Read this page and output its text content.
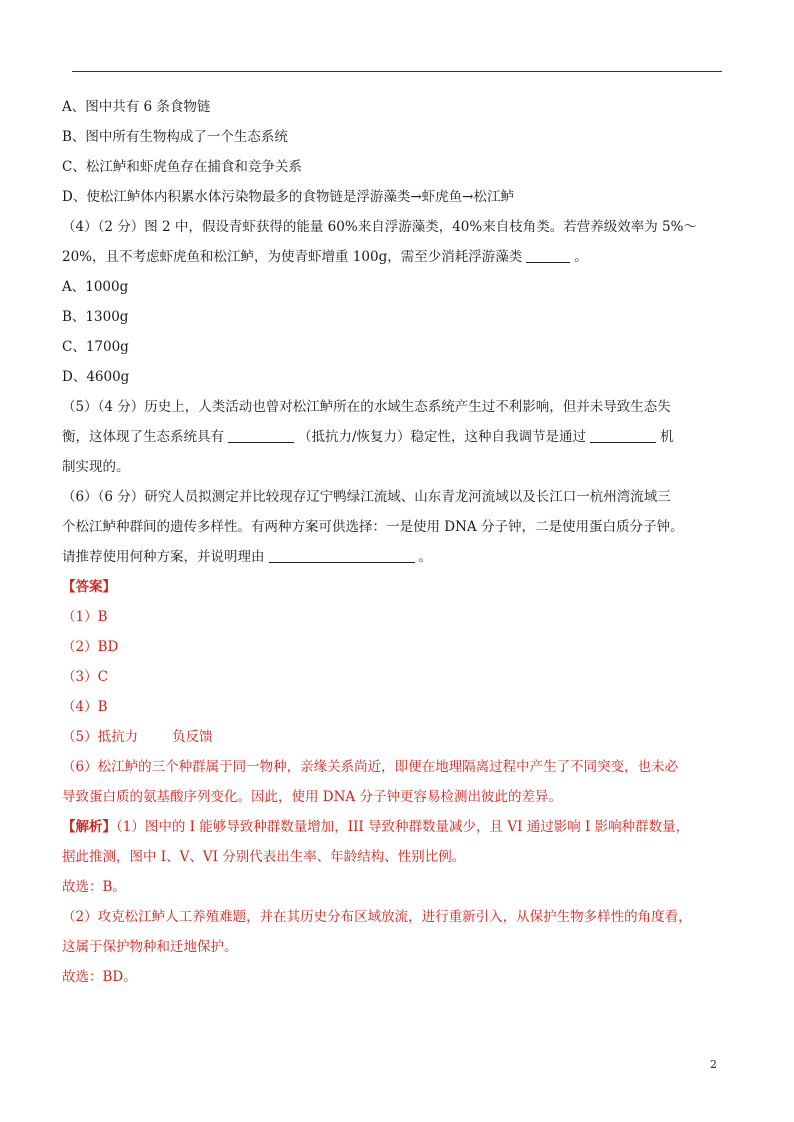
A、图中共有 6 条食物链
B、图中所有生物构成了一个生态系统
C、松江鲈和虾虎鱼存在捕食和竞争关系
D、使松江鲈体内积累水体污染物最多的食物链是浮游藻类→虾虎鱼→松江鲈
（4）（2 分）图 2 中，假设青虾获得的能量 60%来自浮游藻类，40%来自枝角类。若营养级效率为 5%～
20%，且不考虑虾虎鱼和松江鲈，为使青虾增重 100g，需至少消耗浮游藻类	。
A、1000g
B、1300g
C、1700g
D、4600g
（5）（4 分）历史上，人类活动也曾对松江鲈所在的水域生态系统产生过不利影响，但并未导致生态失
衡，这体现了生态系统具有	（抵抗力/恢复力）稳定性，这种自我调节是通过	机
制实现的。
（6）（6 分）研究人员拟测定并比较现存辽宁鸭绿江流域、山东青龙河流域以及长江口一杭州湾流域三
个松江鲈种群间的遗传多样性。有两种方案可供选择：一是使用 DNA 分子钟，二是使用蛋白质分子钟。
请推荐使用何种方案，并说明理由	。
【答案】
（1）B
（2）BD
（3）C
（4）B
（5）抵抗力	负反馈
（6）松江鲈的三个种群属于同一物种，亲缘关系尚近，即便在地理隔离过程中产生了不同突变，也未必
导致蛋白质的氨基酸序列变化。因此，使用 DNA 分子钟更容易检测出彼此的差异。
【解析】（1）图中的 I 能够导致种群数量增加，III 导致种群数量减少，且 VI 通过影响 I 影响种群数量，
据此推测，图中 I、V、VI 分别代表出生率、年龄结构、性别比例。
故选：B。
（2）攻克松江鲈人工养殖难题，并在其历史分布区域放流，进行重新引入，从保护生物多样性的角度看，
这属于保护物种和迁地保护。
故选：BD。
2
